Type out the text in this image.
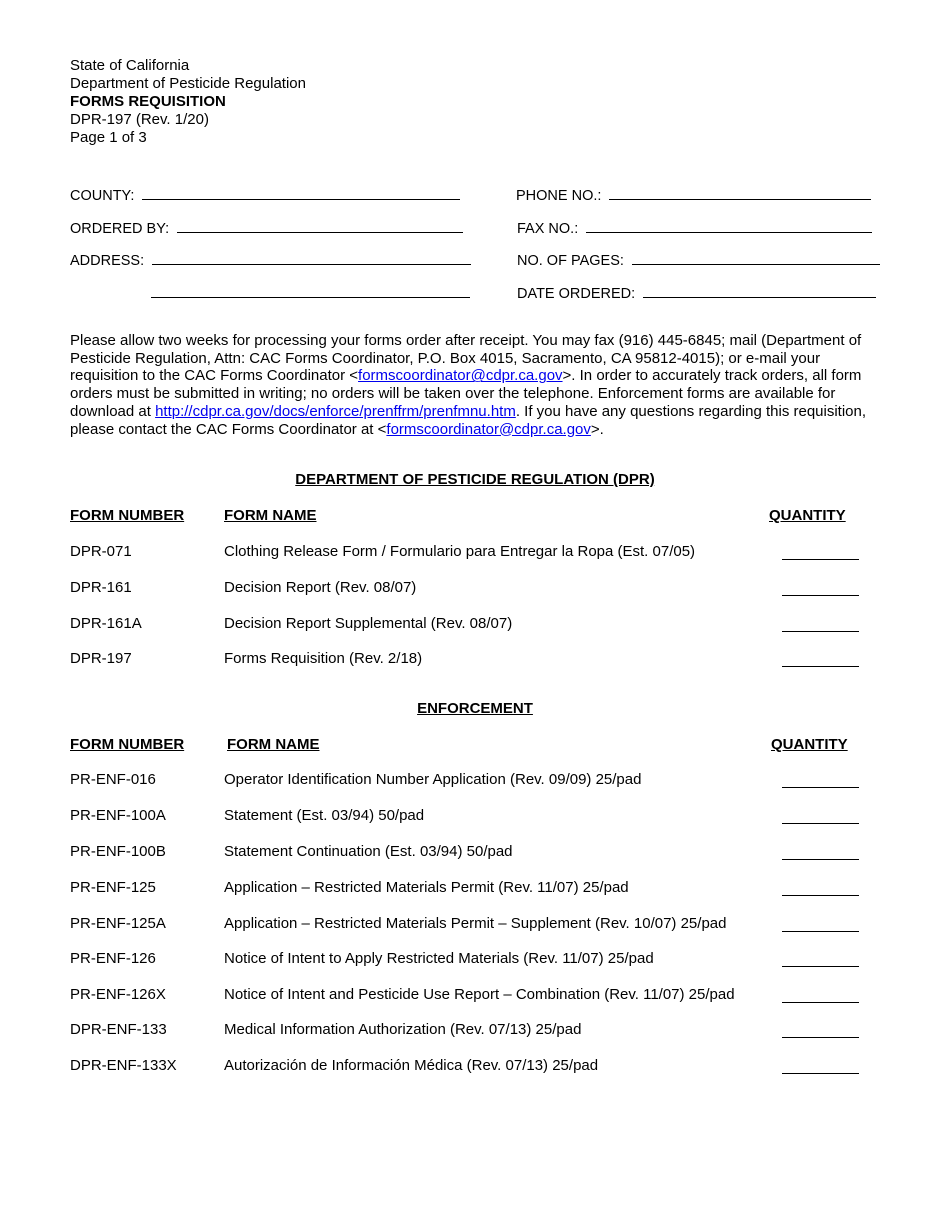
State of California
Department of Pesticide Regulation
FORMS REQUISITION
DPR-197 (Rev. 1/20)
Page 1 of 3
COUNTY:
ORDERED BY:
ADDRESS:
PHONE NO.:
FAX NO.:
NO. OF PAGES:
DATE ORDERED:
Please allow two weeks for processing your forms order after receipt. You may fax (916) 445-6845; mail (Department of Pesticide Regulation, Attn: CAC Forms Coordinator, P.O. Box 4015, Sacramento, CA 95812-4015); or e-mail your requisition to the CAC Forms Coordinator <formscoordinator@cdpr.ca.gov>. In order to accurately track orders, all form orders must be submitted in writing; no orders will be taken over the telephone. Enforcement forms are available for download at http://cdpr.ca.gov/docs/enforce/prenffrm/prenfmnu.htm. If you have any questions regarding this requisition, please contact the CAC Forms Coordinator at <formscoordinator@cdpr.ca.gov>.
DEPARTMENT OF PESTICIDE REGULATION (DPR)
FORM NUMBER	FORM NAME	QUANTITY
DPR-071	Clothing Release Form / Formulario para Entregar la Ropa (Est. 07/05)
DPR-161	Decision Report (Rev. 08/07)
DPR-161A	Decision Report Supplemental (Rev. 08/07)
DPR-197	Forms Requisition (Rev. 2/18)
ENFORCEMENT
FORM NUMBER	FORM NAME	QUANTITY
PR-ENF-016	Operator Identification Number Application (Rev. 09/09) 25/pad
PR-ENF-100A	Statement (Est. 03/94) 50/pad
PR-ENF-100B	Statement Continuation (Est. 03/94) 50/pad
PR-ENF-125	Application – Restricted Materials Permit (Rev. 11/07) 25/pad
PR-ENF-125A	Application – Restricted Materials Permit – Supplement (Rev. 10/07) 25/pad
PR-ENF-126	Notice of Intent to Apply Restricted Materials (Rev. 11/07) 25/pad
PR-ENF-126X	Notice of Intent and Pesticide Use Report – Combination (Rev. 11/07) 25/pad
DPR-ENF-133	Medical Information Authorization (Rev. 07/13) 25/pad
DPR-ENF-133X	Autorización de Información Médica (Rev. 07/13) 25/pad
